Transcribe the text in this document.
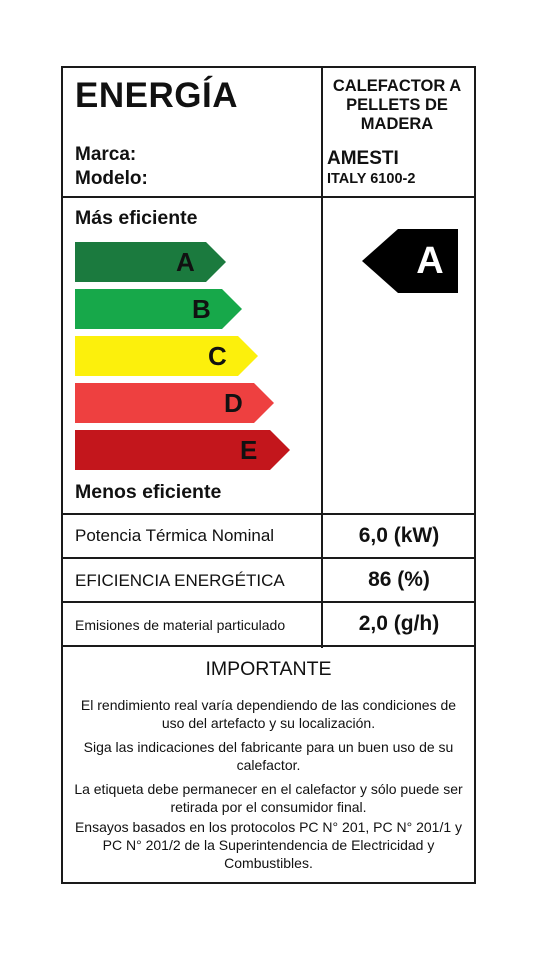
ENERGÍA
Marca:
Modelo:
CALEFACTOR A PELLETS DE MADERA
AMESTI
ITALY 6100-2
Más eficiente
A
B
C
D
E
Menos eficiente
A
Potencia Térmica Nominal	6,0 (kW)
EFICIENCIA ENERGÉTICA	86 (%)
Emisiones de material particulado	2,0 (g/h)
IMPORTANTE
El rendimiento real varía dependiendo de las condiciones de uso del artefacto y su localización.
Siga las indicaciones del fabricante para un buen uso de su calefactor.
La etiqueta debe permanecer en el calefactor y sólo puede ser retirada por el consumidor final.
Ensayos basados en los protocolos PC N° 201, PC N° 201/1 y PC N° 201/2 de la Superintendencia de Electricidad y Combustibles.
